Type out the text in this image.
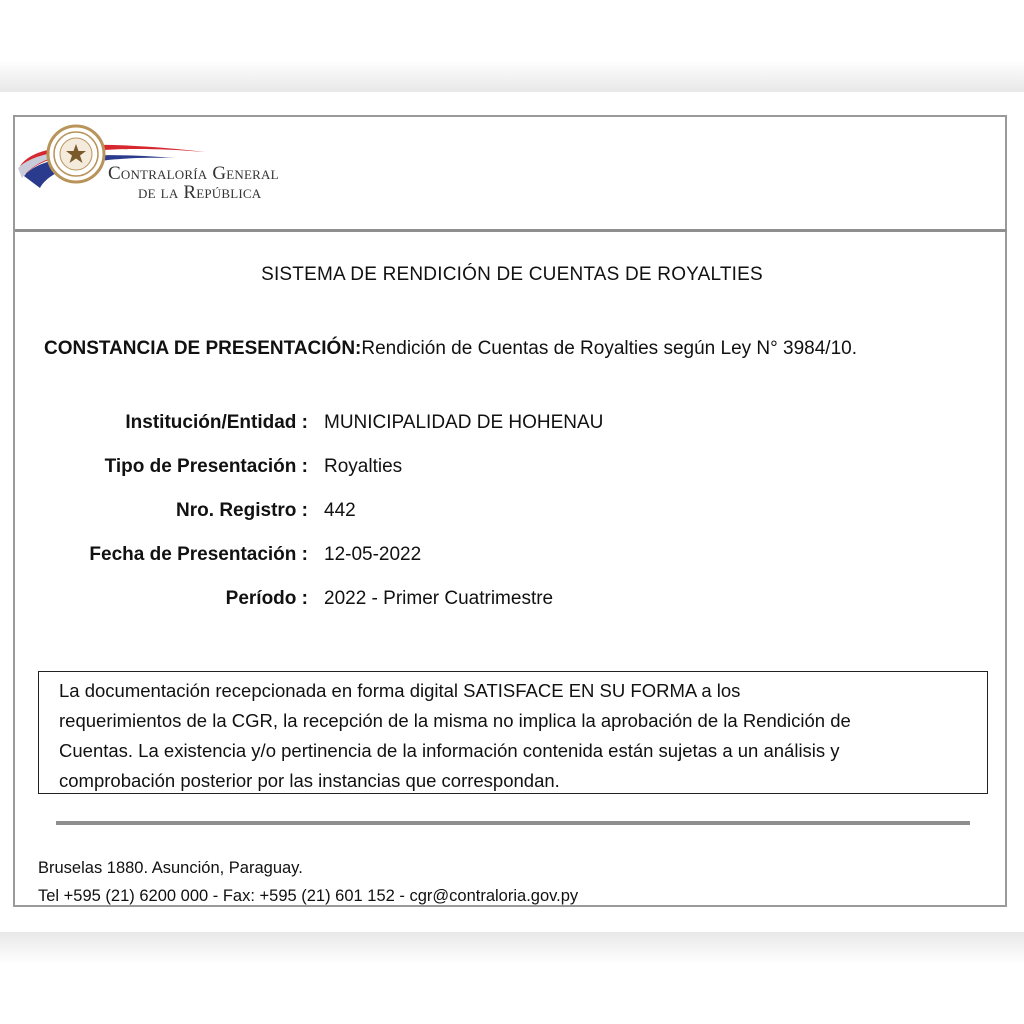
Contraloría General
de la República
SISTEMA DE RENDICIÓN DE CUENTAS DE ROYALTIES
CONSTANCIA DE PRESENTACIÓN:Rendición de Cuentas de Royalties según Ley N° 3984/10.
Institución/Entidad : MUNICIPALIDAD DE HOHENAU
Tipo de Presentación : Royalties
Nro. Registro : 442
Fecha de Presentación : 12-05-2022
Período : 2022 - Primer Cuatrimestre
La documentación recepcionada en forma digital SATISFACE EN SU FORMA a los
requerimientos de la CGR, la recepción de la misma no implica la aprobación de la Rendición de
Cuentas. La existencia y/o pertinencia de la información contenida están sujetas a un análisis y
comprobación posterior por las instancias que correspondan.
Bruselas 1880. Asunción, Paraguay.
Tel +595 (21) 6200 000 - Fax: +595 (21) 601 152 - cgr@contraloria.gov.py
